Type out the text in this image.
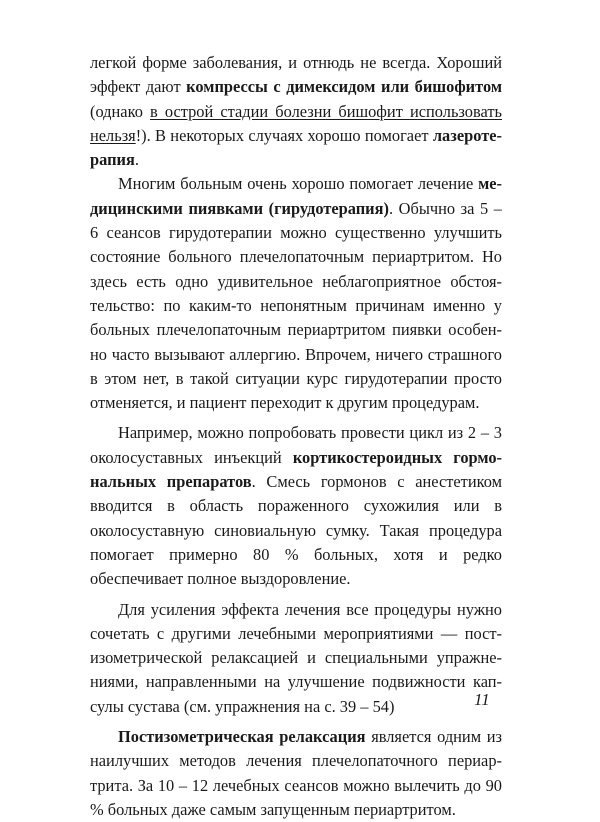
легкой форме заболевания, и отнюдь не всегда. Хороший эффект дают компрессы с димексидом или бишофитом (однако в острой стадии болезни бишофит использовать нельзя!). В некоторых случаях хорошо помогает лазеротерапия.

Многим больным очень хорошо помогает лечение медицинскими пиявками (гирудотерапия). Обычно за 5 – 6 сеансов гирудотерапии можно существенно улучшить состояние больного плечелопаточным периартритом. Но здесь есть одно удивительное неблагоприятное обстоятельство: по каким-то непонятным причинам именно у больных плечелопаточным периартритом пиявки особенно часто вызывают аллергию. Впрочем, ничего страшного в этом нет, в такой ситуации курс гирудотерапии просто отменяется, и пациент переходит к другим процедурам.

Например, можно попробовать провести цикл из 2 – 3 околосуставных инъекций кортикостероидных гормональных препаратов. Смесь гормонов с анестетиком вводится в область пораженного сухожилия или в околосуставную синовиальную сумку. Такая процедура помогает примерно 80 % больных, хотя и редко обеспечивает полное выздоровление.

Для усиления эффекта лечения все процедуры нужно сочетать с другими лечебными мероприятиями — постизометрической релаксацией и специальными упражнениями, направленными на улучшение подвижности капсулы сустава (см. упражнения на с. 39 – 54)

Постизометрическая релаксация является одним из наилучших методов лечения плечелопаточного периартрита. За 10 – 12 лечебных сеансов можно вылечить до 90 % больных даже самым запущенным периартритом.

11
